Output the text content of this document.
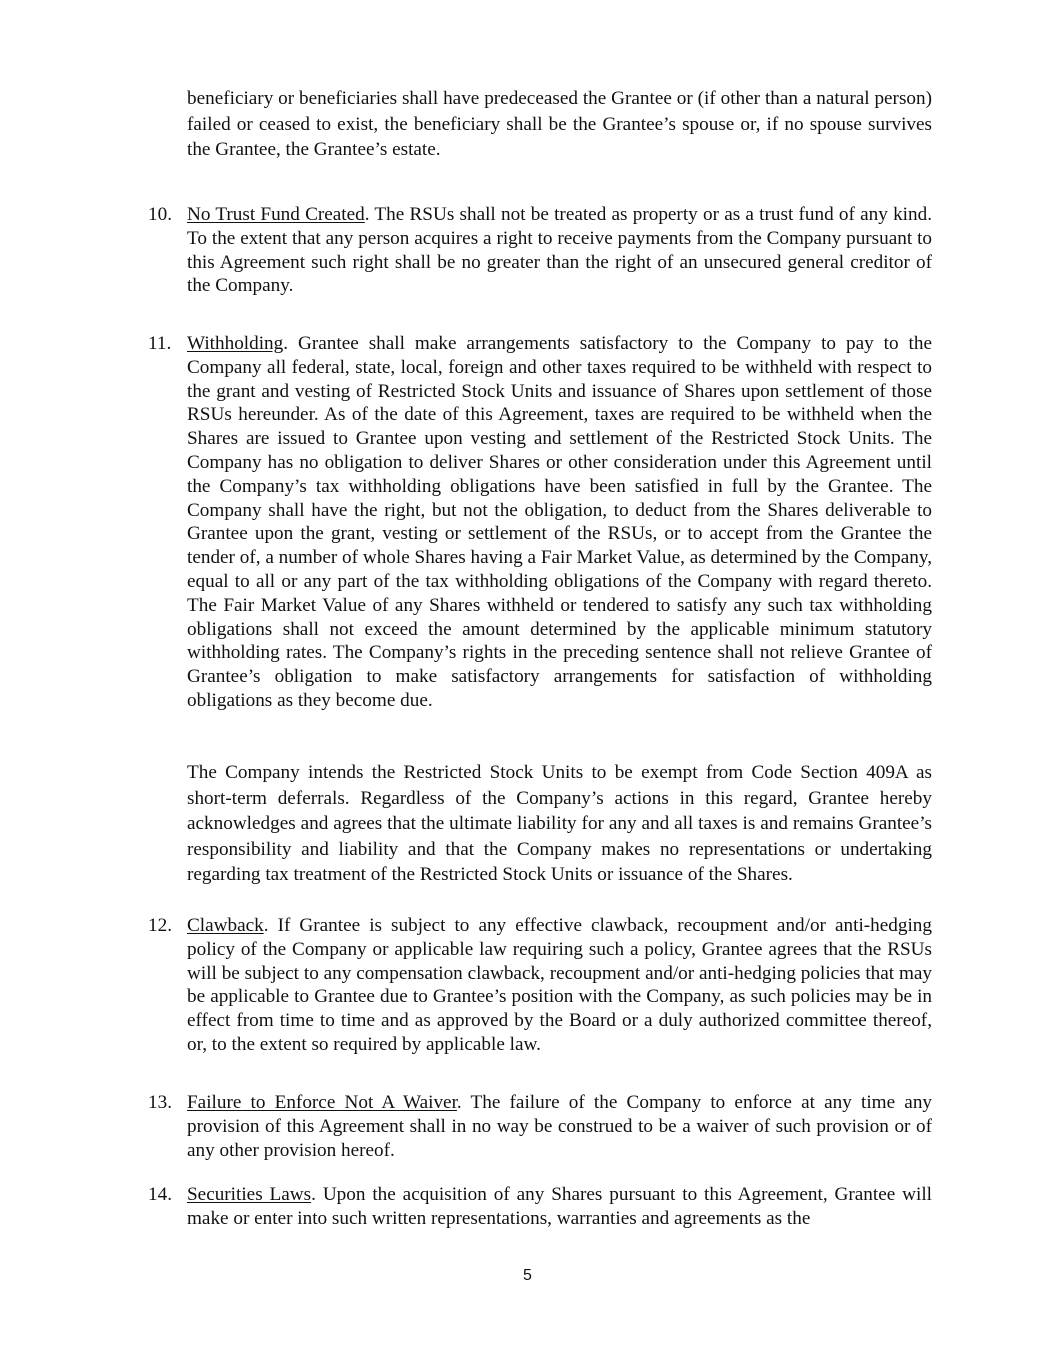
beneficiary or beneficiaries shall have predeceased the Grantee or (if other than a natural person) failed or ceased to exist, the beneficiary shall be the Grantee’s spouse or, if no spouse survives the Grantee, the Grantee’s estate.

10. No Trust Fund Created. The RSUs shall not be treated as property or as a trust fund of any kind. To the extent that any person acquires a right to receive payments from the Company pursuant to this Agreement such right shall be no greater than the right of an unsecured general creditor of the Company.
11. Withholding. Grantee shall make arrangements satisfactory to the Company to pay to the Company all federal, state, local, foreign and other taxes required to be withheld with respect to the grant and vesting of Restricted Stock Units and issuance of Shares upon settlement of those RSUs hereunder. As of the date of this Agreement, taxes are required to be withheld when the Shares are issued to Grantee upon vesting and settlement of the Restricted Stock Units. The Company has no obligation to deliver Shares or other consideration under this Agreement until the Company’s tax withholding obligations have been satisfied in full by the Grantee. The Company shall have the right, but not the obligation, to deduct from the Shares deliverable to Grantee upon the grant, vesting or settlement of the RSUs, or to accept from the Grantee the tender of, a number of whole Shares having a Fair Market Value, as determined by the Company, equal to all or any part of the tax withholding obligations of the Company with regard thereto. The Fair Market Value of any Shares withheld or tendered to satisfy any such tax withholding obligations shall not exceed the amount determined by the applicable minimum statutory withholding rates. The Company’s rights in the preceding sentence shall not relieve Grantee of Grantee’s obligation to make satisfactory arrangements for satisfaction of withholding obligations as they become due.

The Company intends the Restricted Stock Units to be exempt from Code Section 409A as short-term deferrals. Regardless of the Company’s actions in this regard, Grantee hereby acknowledges and agrees that the ultimate liability for any and all taxes is and remains Grantee’s responsibility and liability and that the Company makes no representations or undertaking regarding tax treatment of the Restricted Stock Units or issuance of the Shares.

12. Clawback. If Grantee is subject to any effective clawback, recoupment and/or anti-hedging policy of the Company or applicable law requiring such a policy, Grantee agrees that the RSUs will be subject to any compensation clawback, recoupment and/or anti-hedging policies that may be applicable to Grantee due to Grantee’s position with the Company, as such policies may be in effect from time to time and as approved by the Board or a duly authorized committee thereof, or, to the extent so required by applicable law.
13. Failure to Enforce Not A Waiver. The failure of the Company to enforce at any time any provision of this Agreement shall in no way be construed to be a waiver of such provision or of any other provision hereof.
14. Securities Laws. Upon the acquisition of any Shares pursuant to this Agreement, Grantee will make or enter into such written representations, warranties and agreements as the
5
